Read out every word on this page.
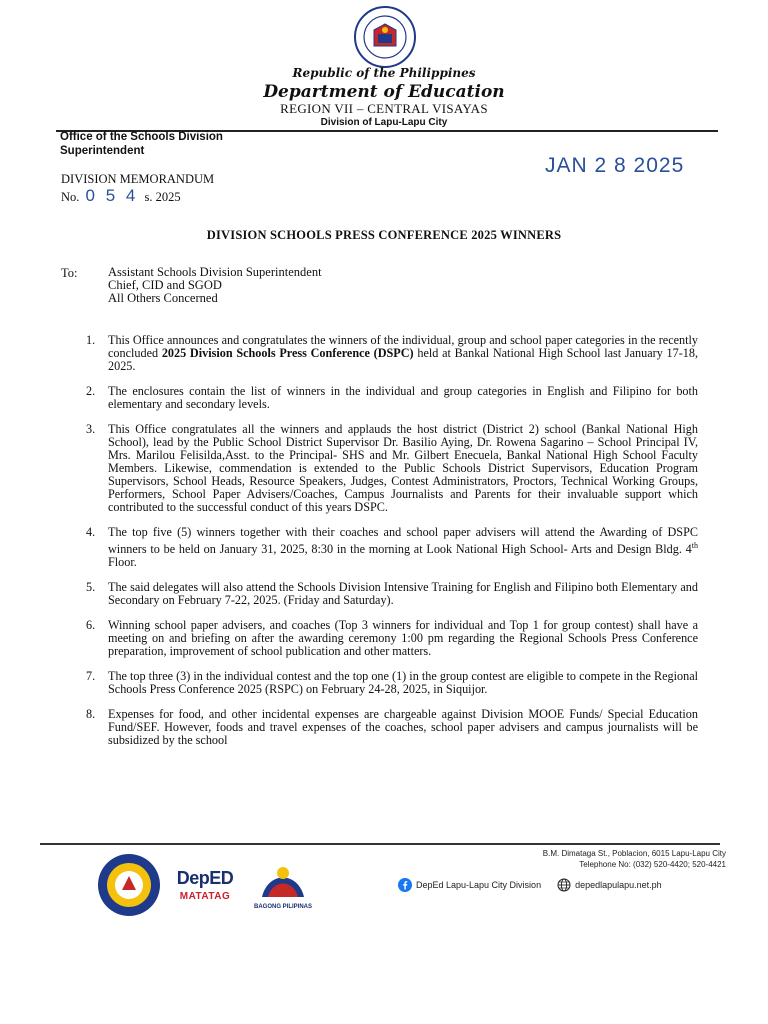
Republic of the Philippines
Department of Education
REGION VII – CENTRAL VISAYAS
Division of Lapu-Lapu City
Office of the Schools Division Superintendent
DIVISION MEMORANDUM
No. 0 5 4 s. 2025
JAN 2 8 2025
DIVISION SCHOOLS PRESS CONFERENCE 2025 WINNERS
To: Assistant Schools Division Superintendent
Chief, CID and SGOD
All Others Concerned
1.	This Office announces and congratulates the winners of the individual, group and school paper categories in the recently concluded 2025 Division Schools Press Conference (DSPC) held at Bankal National High School last January 17-18, 2025.
2.	The enclosures contain the list of winners in the individual and group categories in English and Filipino for both elementary and secondary levels.
3.	This Office congratulates all the winners and applauds the host district (District 2) school (Bankal National High School), lead by the Public School District Supervisor Dr. Basilio Aying, Dr. Rowena Sagarino – School Principal IV, Mrs. Marilou Felisilda,Asst. to the Principal- SHS and Mr. Gilbert Enecuela, Bankal National High School Faculty Members. Likewise, commendation is extended to the Public Schools District Supervisors, Education Program Supervisors, School Heads, Resource Speakers, Judges, Contest Administrators, Proctors, Technical Working Groups, Performers, School Paper Advisers/Coaches, Campus Journalists and Parents for their invaluable support which contributed to the successful conduct of this years DSPC.
4.	The top five (5) winners together with their coaches and school paper advisers will attend the Awarding of DSPC winners to be held on January 31, 2025, 8:30 in the morning at Look National High School- Arts and Design Bldg. 4th Floor.
5.	The said delegates will also attend the Schools Division Intensive Training for English and Filipino both Elementary and Secondary on February 7-22, 2025. (Friday and Saturday).
6.	Winning school paper advisers, and coaches (Top 3 winners for individual and Top 1 for group contest) shall have a meeting on and briefing on after the awarding ceremony 1:00 pm regarding the Regional Schools Press Conference preparation, improvement of school publication and other matters.
7.	The top three (3) in the individual contest and the top one (1) in the group contest are eligible to compete in the Regional Schools Press Conference 2025 (RSPC) on February 24-28, 2025, in Siquijor.
8.	Expenses for food, and other incidental expenses are chargeable against Division MOOE Funds/ Special Education Fund/SEF. However, foods and travel expenses of the coaches, school paper advisers and campus journalists will be subsidized by the school
DepED
MATATAG
BAGONG PILIPINAS
B.M. Dimataga St., Poblacion, 6015 Lapu-Lapu City
Telephone No: (032) 520-4420; 520-4421
DepEd Lapu-Lapu City Division	depedlapulapu.net.ph
